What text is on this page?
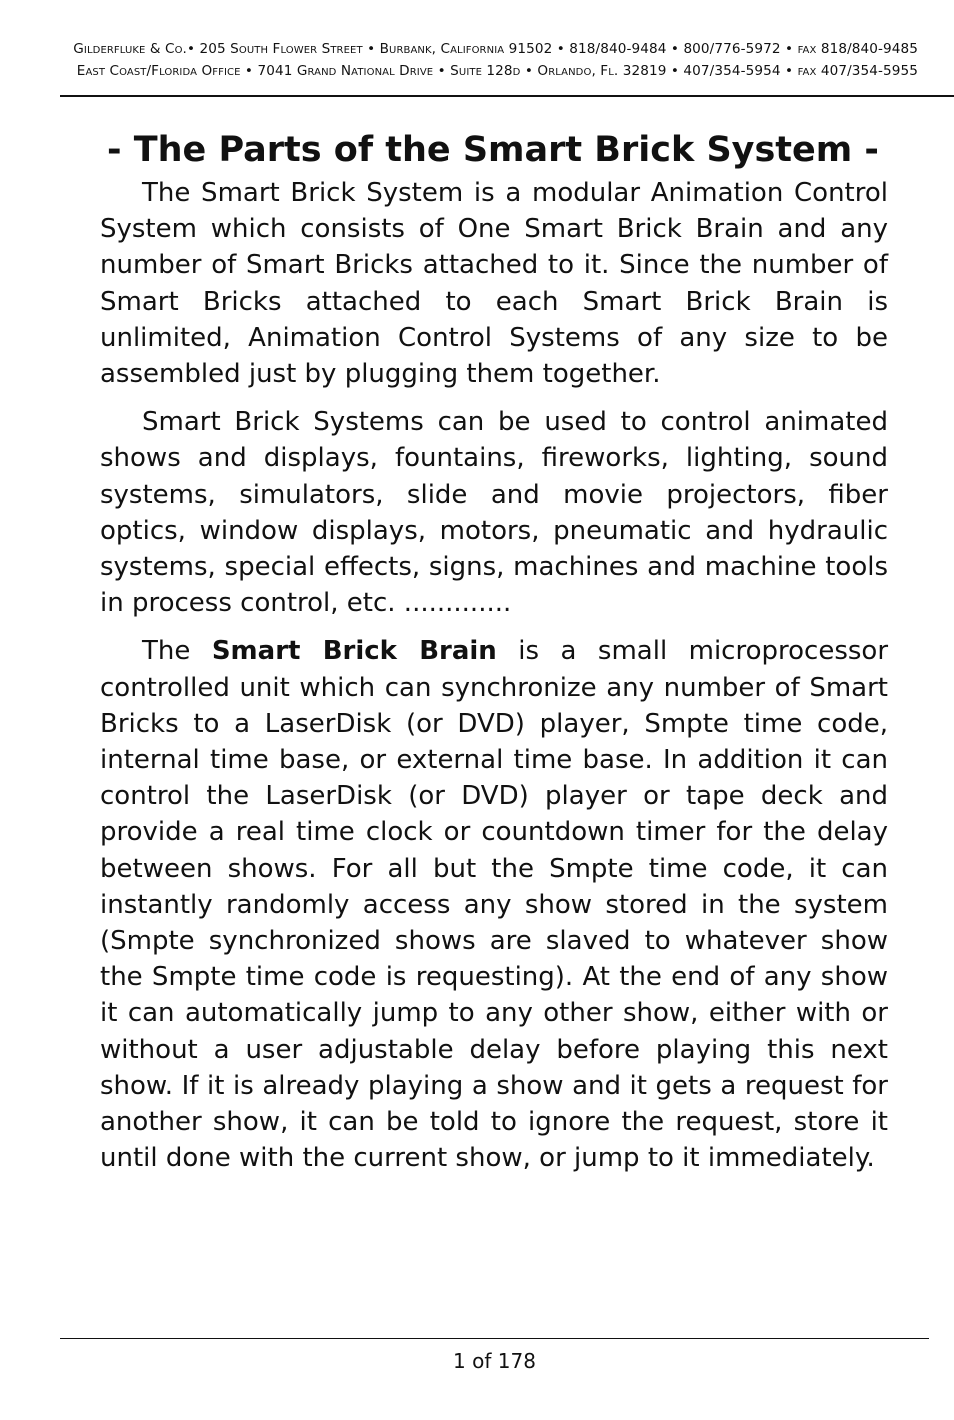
Gilderfluke & Co.• 205 South Flower Street • Burbank, California 91502 • 818/840-9484 • 800/776-5972 • fax 818/840-9485
East Coast/Florida Office • 7041 Grand National Drive • Suite 128d • Orlando, Fl. 32819 • 407/354-5954 • fax 407/354-5955
- The Parts of the Smart Brick System -

The Smart Brick System is a modular Animation Control System which consists of One Smart Brick Brain and any number of Smart Bricks attached to it. Since the number of Smart Bricks attached to each Smart Brick Brain is unlimited, Animation Control Systems of any size to be assembled just by plugging them together.

Smart Brick Systems can be used to control animated shows and displays, fountains, fireworks, lighting, sound systems, simulators, slide and movie projectors, fiber optics, window displays, motors, pneumatic and hydraulic systems, special effects, signs, machines and machine tools in process control, etc. .............

The Smart Brick Brain is a small microprocessor controlled unit which can synchronize any number of Smart Bricks to a LaserDisk (or DVD) player, Smpte time code, internal time base, or external time base. In addition it can control the LaserDisk (or DVD) player or tape deck and provide a real time clock or countdown timer for the delay between shows. For all but the Smpte time code, it can instantly randomly access any show stored in the system (Smpte synchronized shows are slaved to whatever show the Smpte time code is requesting). At the end of any show it can automatically jump to any other show, either with or without a user adjustable delay before playing this next show. If it is already playing a show and it gets a request for another show, it can be told to ignore the request, store it until done with the current show, or jump to it immediately.

1 of 178
